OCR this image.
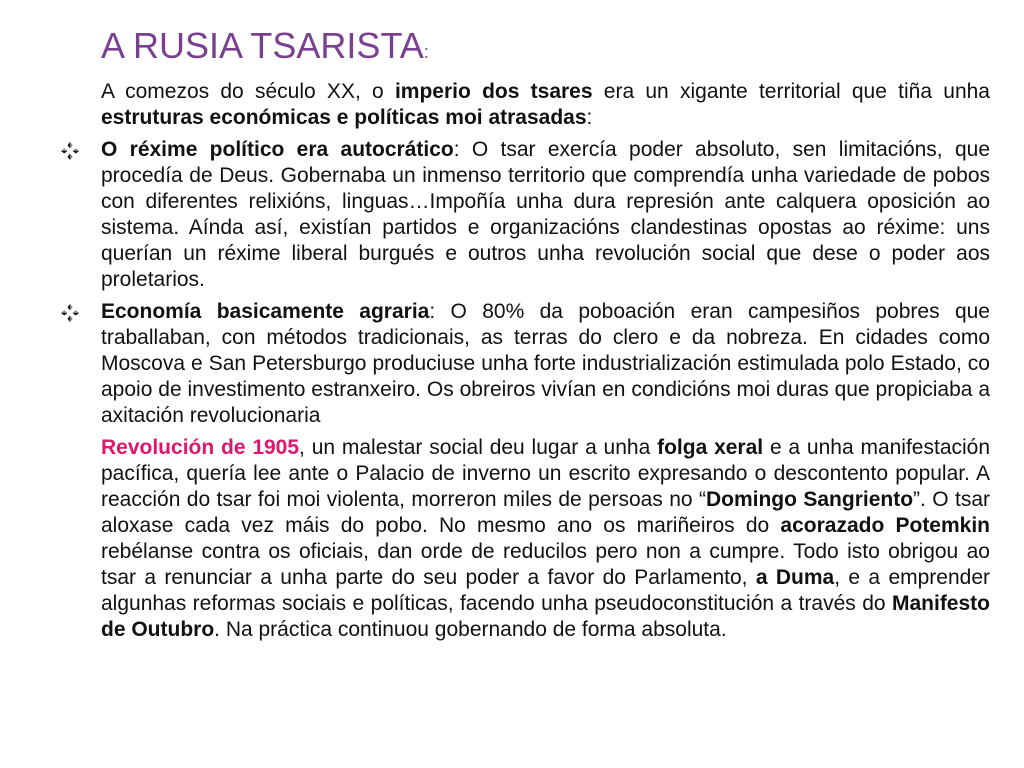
A RUSIA TSARISTA:

A comezos do século XX, o imperio dos tsares era un xigante territorial que tiña unha estruturas económicas e políticas moi atrasadas:

O réxime político era autocrático: O tsar exercía poder absoluto, sen limitacións, que procedía de Deus. Gobernaba un inmenso territorio que comprendía unha variedade de pobos con diferentes relixións, linguas…Impoñía unha dura represión ante calquera oposición ao sistema. Aínda así, existían partidos e organizacións clandestinas opostas ao réxime: uns querían un réxime liberal burgués e outros unha revolución social que dese o poder aos proletarios.

Economía basicamente agraria: O 80% da poboación eran campesiños pobres que traballaban, con métodos tradicionais, as terras do clero e da nobreza. En cidades como Moscova e San Petersburgo produciuse unha forte industrialización estimulada polo Estado, co apoio de investimento estranxeiro. Os obreiros vivían en condicións moi duras que propiciaba a axitación revolucionaria

Revolución de 1905, un malestar social deu lugar a unha folga xeral e a unha manifestación pacífica, quería lee ante o Palacio de inverno un escrito expresando o descontento popular. A reacción do tsar foi moi violenta, morreron miles de persoas no “Domingo Sangriento”. O tsar aloxase cada vez máis do pobo. No mesmo ano os mariñeiros do acorazado Potemkin rebélanse contra os oficiais, dan orde de reducilos pero non a cumpre. Todo isto obrigou ao tsar a renunciar a unha parte do seu poder a favor do Parlamento, a Duma, e a emprender algunhas reformas sociais e políticas, facendo unha pseudoconstitución a través do Manifesto de Outubro. Na práctica continuou gobernando de forma absoluta.
